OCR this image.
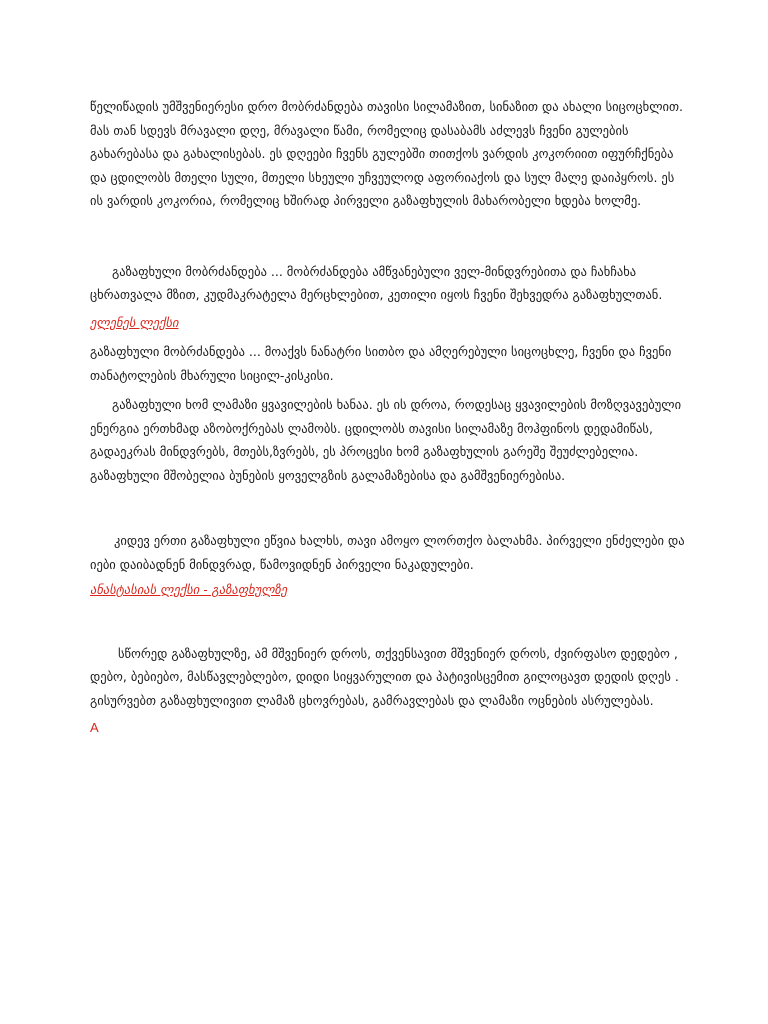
წელიწადის უმშვენიერესი დრო მობრძანდება თავისი სილამაზით, სინაზით და ახალი სიცოცხლით. მას თან სდევს მრავალი დღე, მრავალი წამი, რომელიც დასაბამს აძლევს ჩვენი გულების გახარებასა და გახალისებას. ეს დღეები ჩვენს გულებში თითქოს ვარდის კოკორიით იფურჩქნება და ცდილობს მთელი სული, მთელი სხეული უჩვეულოდ აფორიაქოს და სულ მალე დაიპყროს. ეს ის ვარდის კოკორია, რომელიც ხშირად პირველი გაზაფხულის მახარობელი ხდება ხოლმე.

გაზაფხული მობრძანდება ... მობრძანდება ამწვანებული ველ-მინდვრებითა და ჩახჩახა ცხრათვალა მზით, კუდმაკრატელა მერცხლებით, კეთილი იყოს ჩვენი შეხვედრა გაზაფხულთან.

ელენეს ლექსი

გაზაფხული მობრძანდება ... მოაქვს ნანატრი სითბო და ამღერებული სიცოცხლე, ჩვენი და ჩვენი თანატოლების მხარული სიცილ-კისკისი.

გაზაფხული ხომ ლამაზი ყვავილების ხანაა. ეს ის დროა, როდესაც ყვავილების მოზღვავებული ენერგია ერთხმად აზობოქრებას ლამობს. ცდილობს თავისი სილამაზე მოჰფინოს დედამიწას, გადაეკრას მინდვრებს, მთებს,ზვრებს, ეს პროცესი ხომ გაზაფხულის გარეშე შეუძლებელია. გაზაფხული მშობელია ბუნების ყოველგზის გალამაზებისა და გამშვენიერებისა.

კიდევ ერთი გაზაფხული ეწვია ხალხს, თავი ამოყო ლორთქო ბალახმა. პირველი ენძელები და იები დაიბადნენ მინდვრად, წამოვიდნენ პირველი ნაკადულები.

ანასტასიას ლექსი - გაზაფხულზე

სწორედ გაზაფხულზე, ამ მშვენიერ დროს, თქვენსავით მშვენიერ დროს, ძვირფასო დედებო , დებო, ბებიებო, მასწავლებლებო, დიდი სიყვარულით და პატივისცემით გილოცავთ დედის დღეს . გისურვებთ გაზაფხულივით ლამაზ ცხოვრებას, გამრავლებას და ლამაზი ოცნების ასრულებას.

A
